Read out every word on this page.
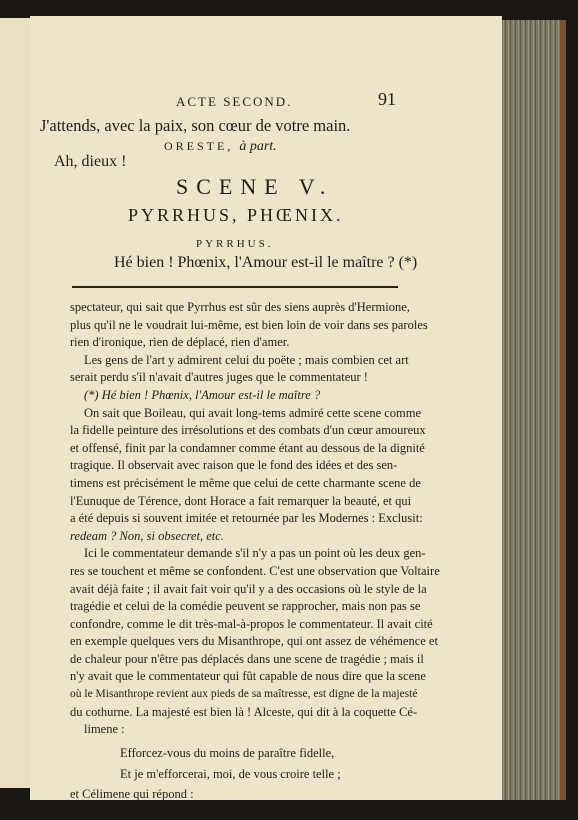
ACTE SECOND.	91
J'attends, avec la paix, son cœur de votre main.
ORESTE, à part.
Ah, dieux !
SCENE V.
PYRRHUS, PHŒNIX.
PYRRHUS.
Hé bien ! Phœnix, l'Amour est-il le maître ? (*)
spectateur, qui sait que Pyrrhus est sûr des siens auprès d'Hermione,
plus qu'il ne le voudrait lui-même, est bien loin de voir dans ses paroles
rien d'ironique, rien de déplacé, rien d'amer.
Les gens de l'art y admirent celui du poëte ; mais combien cet art
serait perdu s'il n'avait d'autres juges que le commentateur !
(*) Hé bien ! Phœnix, l'Amour est-il le maître ?
On sait que Boileau, qui avait long-tems admiré cette scene comme
la fidelle peinture des irrésolutions et des combats d'un cœur amoureux
et offensé, finit par la condamner comme étant au dessous de la dignité
tragique. Il observait avec raison que le fond des idées et des sen-
timens est précisément le même que celui de cette charmante scene de
l'Eunuque de Térence, dont Horace a fait remarquer la beauté, et qui
a été depuis si souvent imitée et retournée par les Modernes : Exclusit:
redeam ? Non, si obsecret, etc.
Ici le commentateur demande s'il n'y a pas un point où les deux gen-
res se touchent et même se confondent. C'est une observation que Voltaire
avait déjà faite ; il avait fait voir qu'il y a des occasions où le style de la
tragédie et celui de la comédie peuvent se rapprocher, mais non pas se
confondre, comme le dit très-mal-à-propos le commentateur. Il avait cité
en exemple quelques vers du Misanthrope, qui ont assez de véhémence et
de chaleur pour n'être pas déplacés dans une scene de tragédie ; mais il
n'y avait que le commentateur qui fût capable de nous dire que la scene
où le Misanthrope revient aux pieds de sa maîtresse, est digne de la majesté
du cothurne. La majesté est bien là ! Alceste, qui dit à la coquette Cé-
limene :
Efforcez-vous du moins de paraître fidelle,
Et je m'efforcerai, moi, de vous croire telle ;
et Célimene qui répond :
